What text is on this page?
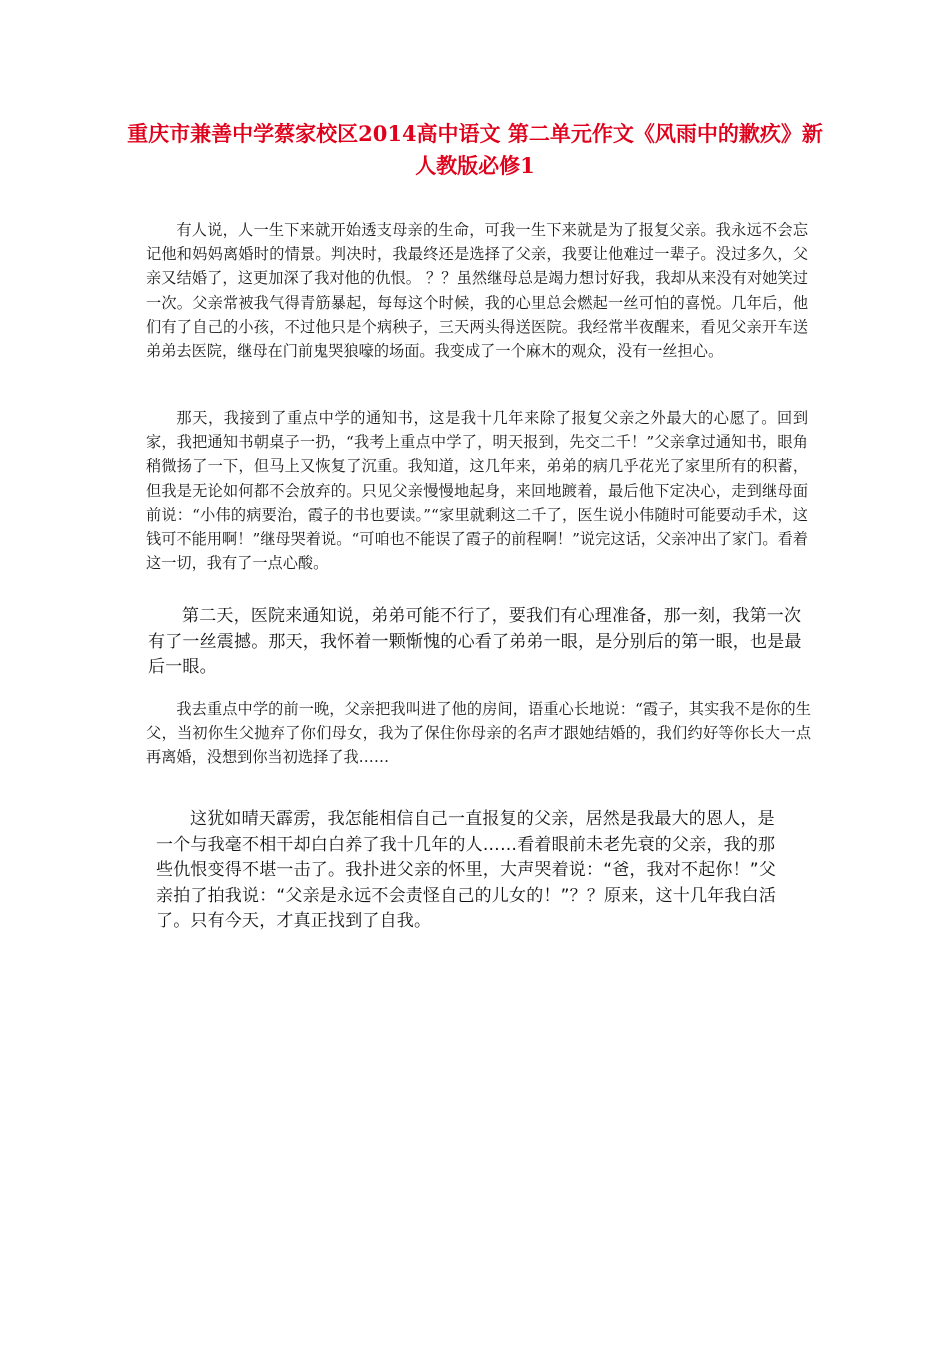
重庆市兼善中学蔡家校区2014高中语文 第二单元作文《风雨中的歉疚》新人教版必修1

有人说，人一生下来就开始透支母亲的生命，可我一生下来就是为了报复父亲。我永远不会忘记他和妈妈离婚时的情景。判决时，我最终还是选择了父亲，我要让他难过一辈子。没过多久，父亲又结婚了，这更加深了我对他的仇恨。 ？？虽然继母总是竭力想讨好我，我却从来没有对她笑过一次。父亲常被我气得青筋暴起，每每这个时候，我的心里总会燃起一丝可怕的喜悦。几年后，他们有了自己的小孩，不过他只是个病秧子，三天两头得送医院。我经常半夜醒来，看见父亲开车送弟弟去医院，继母在门前鬼哭狼嚎的场面。我变成了一个麻木的观众，没有一丝担心。

那天，我接到了重点中学的通知书，这是我十几年来除了报复父亲之外最大的心愿了。回到家，我把通知书朝桌子一扔，“我考上重点中学了，明天报到，先交二千！”父亲拿过通知书，眼角稍微扬了一下，但马上又恢复了沉重。我知道，这几年来，弟弟的病几乎花光了家里所有的积蓄，但我是无论如何都不会放弃的。只见父亲慢慢地起身，来回地踱着，最后他下定决心，走到继母面前说：“小伟的病要治，霞子的书也要读。”“家里就剩这二千了，医生说小伟随时可能要动手术，这钱可不能用啊！”继母哭着说。“可咱也不能误了霞子的前程啊！”说完这话，父亲冲出了家门。看着这一切，我有了一点心酸。

第二天，医院来通知说，弟弟可能不行了，要我们有心理准备，那一刻，我第一次有了一丝震撼。那天，我怀着一颗惭愧的心看了弟弟一眼，是分别后的第一眼，也是最后一眼。

我去重点中学的前一晚，父亲把我叫进了他的房间，语重心长地说：“霞子，其实我不是你的生父，当初你生父抛弃了你们母女，我为了保住你母亲的名声才跟她结婚的，我们约好等你长大一点再离婚，没想到你当初选择了我……

这犹如晴天霹雳，我怎能相信自己一直报复的父亲，居然是我最大的恩人，是一个与我毫不相干却白白养了我十几年的人……看着眼前未老先衰的父亲，我的那些仇恨变得不堪一击了。我扑进父亲的怀里，大声哭着说：“爸，我对不起你！”父亲拍了拍我说：“父亲是永远不会责怪自己的儿女的！”？？原来，这十几年我白活了。只有今天，才真正找到了自我。
